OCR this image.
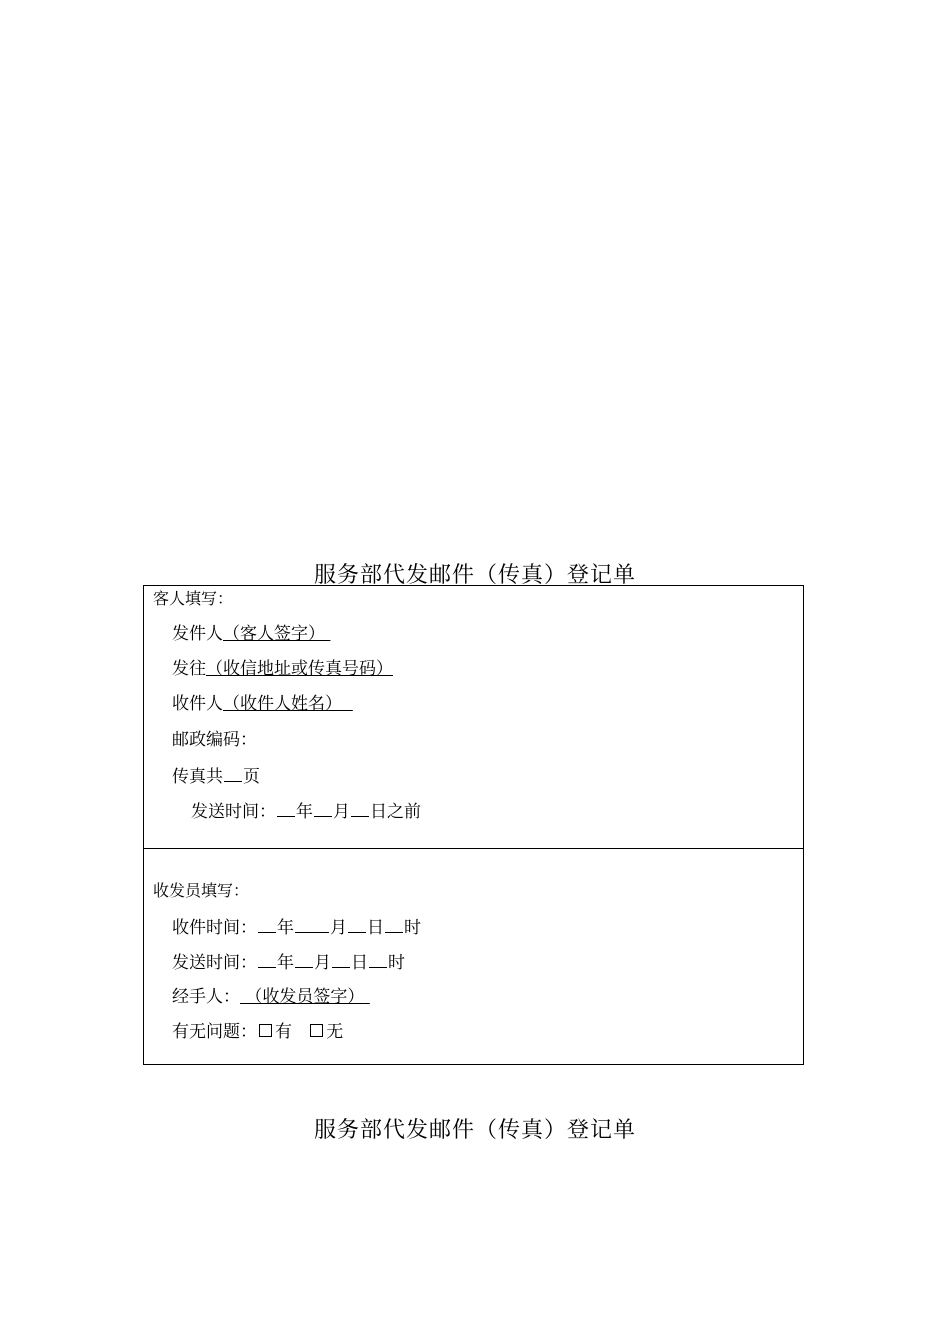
服务部代发邮件（传真）登记单
客人填写：
发件人（客人签字）
发往（收信地址或传真号码）
收件人（收件人姓名）
邮政编码：
传真共 页
发送时间： 年 月 日之前
收发员填写：
收件时间： 年 月 日 时
发送时间： 年 月 日 时
经手人： （收发员签字）
有无问题： 有 无
服务部代发邮件（传真）登记单
